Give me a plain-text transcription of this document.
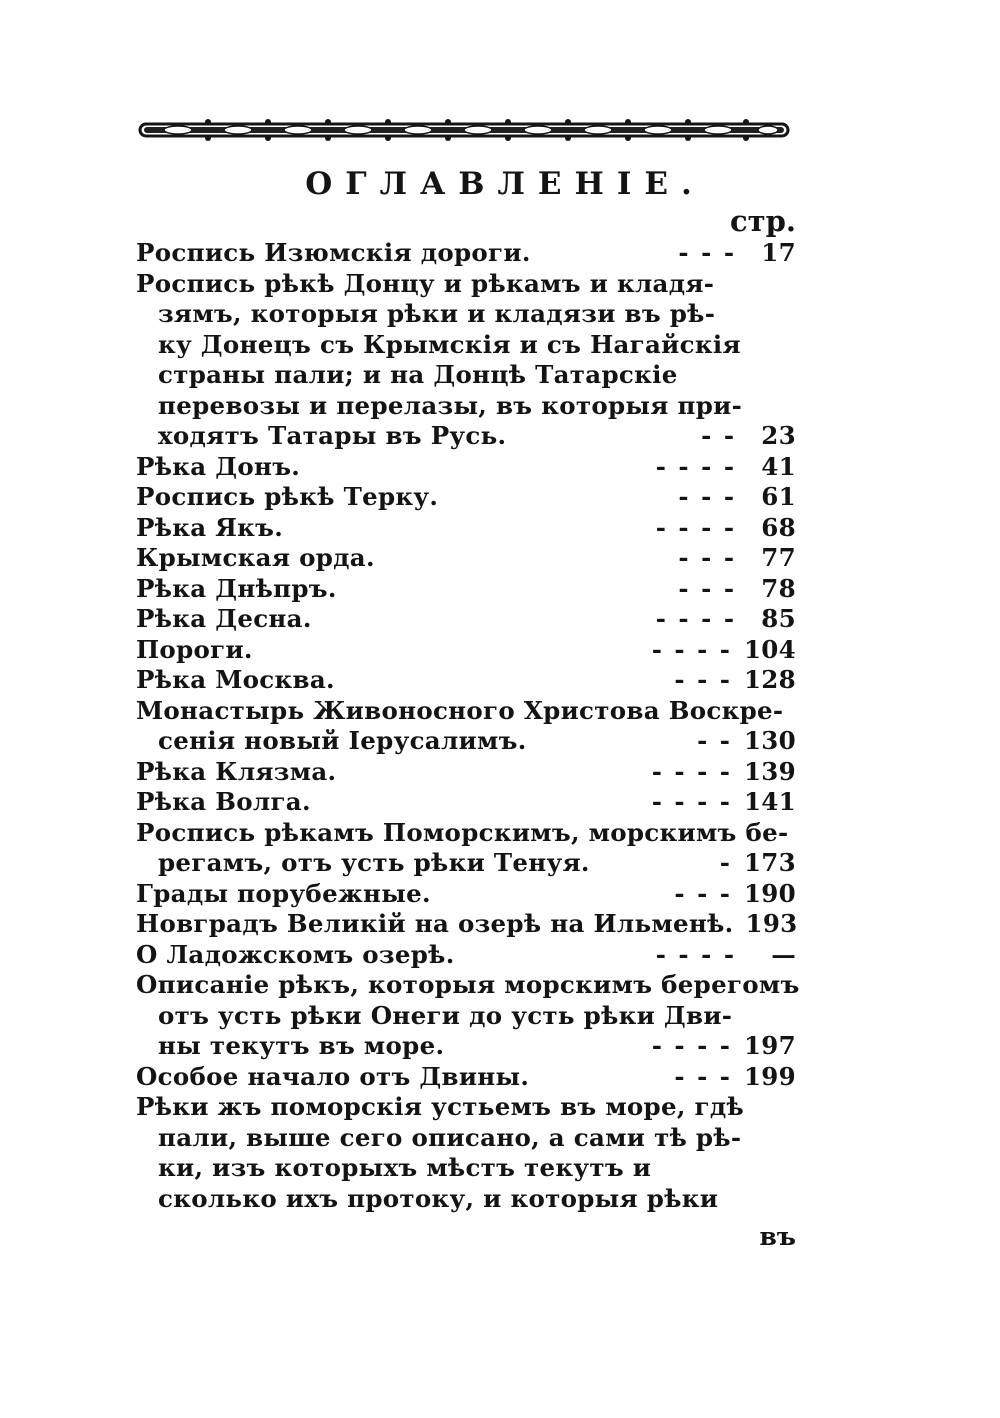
ОГЛАВЛЕНІЕ.
стр.
Роспись Изюмскія дороги.	- - -	17
Роспись рѣкѣ Донцу и рѣкамъ и кладя-
зямъ, которыя рѣки и кладязи въ рѣ-
ку Донецъ съ Крымскія и съ Нагайскія
страны пали; и на Донцѣ Татарскіе
перевозы и перелазы, въ которыя при-
ходятъ Татары въ Русь.	- -	23
Рѣка Донъ.	- - - -	41
Роспись рѣкѣ Терку.	- - -	61
Рѣка Якъ.	- - - -	68
Крымская орда.	- - -	77
Рѣка Днѣпръ.	- - -	78
Рѣка Десна.	- - - -	85
Пороги.	- - - - 104
Рѣка Москва.	- - - 128
Монастырь Живоносного Христова Воскре-
сенія новый Іерусалимъ.	- - 130
Рѣка Клязма.	- - - - 139
Рѣка Волга.	- - - - 141
Роспись рѣкамъ Поморскимъ, морскимъ бе-
регамъ, отъ усть рѣки Тенуя.	- 173
Грады порубежные.	- - - 190
Новградъ Великій на озерѣ на Ильменѣ. 193
О Ладожскомъ озерѣ.	- - - -	—
Описаніе рѣкъ, которыя морскимъ берегомъ
отъ усть рѣки Онеги до усть рѣки Дви-
ны текутъ въ море.	- - - - 197
Особое начало отъ Двины.	- - - 199
Рѣки жъ поморскія устьемъ въ море, гдѣ
пали, выше сего описано, а сами тѣ рѣ-
ки, изъ которыхъ мѣстъ текутъ и
сколько ихъ протоку, и которыя рѣки
въ
